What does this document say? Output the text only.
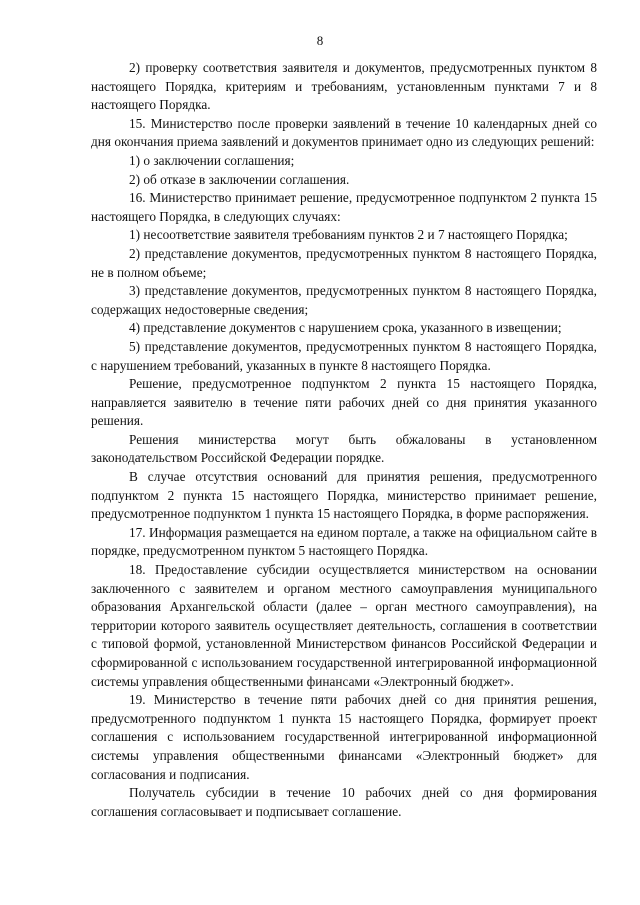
8

2) проверку соответствия заявителя и документов, предусмотренных пунктом 8 настоящего Порядка, критериям и требованиям, установленным пунктами 7 и 8 настоящего Порядка.

15. Министерство после проверки заявлений в течение 10 календарных дней со дня окончания приема заявлений и документов принимает одно из следующих решений:

1) о заключении соглашения;

2) об отказе в заключении соглашения.

16. Министерство принимает решение, предусмотренное подпунктом 2 пункта 15 настоящего Порядка, в следующих случаях:

1) несоответствие заявителя требованиям пунктов 2 и 7 настоящего Порядка;

2) представление документов, предусмотренных пунктом 8 настоящего Порядка, не в полном объеме;

3) представление документов, предусмотренных пунктом 8 настоящего Порядка, содержащих недостоверные сведения;

4) представление документов с нарушением срока, указанного в извещении;

5) представление документов, предусмотренных пунктом 8 настоящего Порядка, с нарушением требований, указанных в пункте 8 настоящего Порядка.

Решение, предусмотренное подпунктом 2 пункта 15 настоящего Порядка, направляется заявителю в течение пяти рабочих дней со дня принятия указанного решения.

Решения министерства могут быть обжалованы в установленном законодательством Российской Федерации порядке.

В случае отсутствия оснований для принятия решения, предусмотренного подпунктом 2 пункта 15 настоящего Порядка, министерство принимает решение, предусмотренное подпунктом 1 пункта 15 настоящего Порядка, в форме распоряжения.

17. Информация размещается на едином портале, а также на официальном сайте в порядке, предусмотренном пунктом 5 настоящего Порядка.

18. Предоставление субсидии осуществляется министерством на основании заключенного с заявителем и органом местного самоуправления муниципального образования Архангельской области (далее – орган местного самоуправления), на территории которого заявитель осуществляет деятельность, соглашения в соответствии с типовой формой, установленной Министерством финансов Российской Федерации и сформированной с использованием государственной интегрированной информационной системы управления общественными финансами «Электронный бюджет».

19. Министерство в течение пяти рабочих дней со дня принятия решения, предусмотренного подпунктом 1 пункта 15 настоящего Порядка, формирует проект соглашения с использованием государственной интегрированной информационной системы управления общественными финансами «Электронный бюджет» для согласования и подписания.

Получатель субсидии в течение 10 рабочих дней со дня формирования соглашения согласовывает и подписывает соглашение.
